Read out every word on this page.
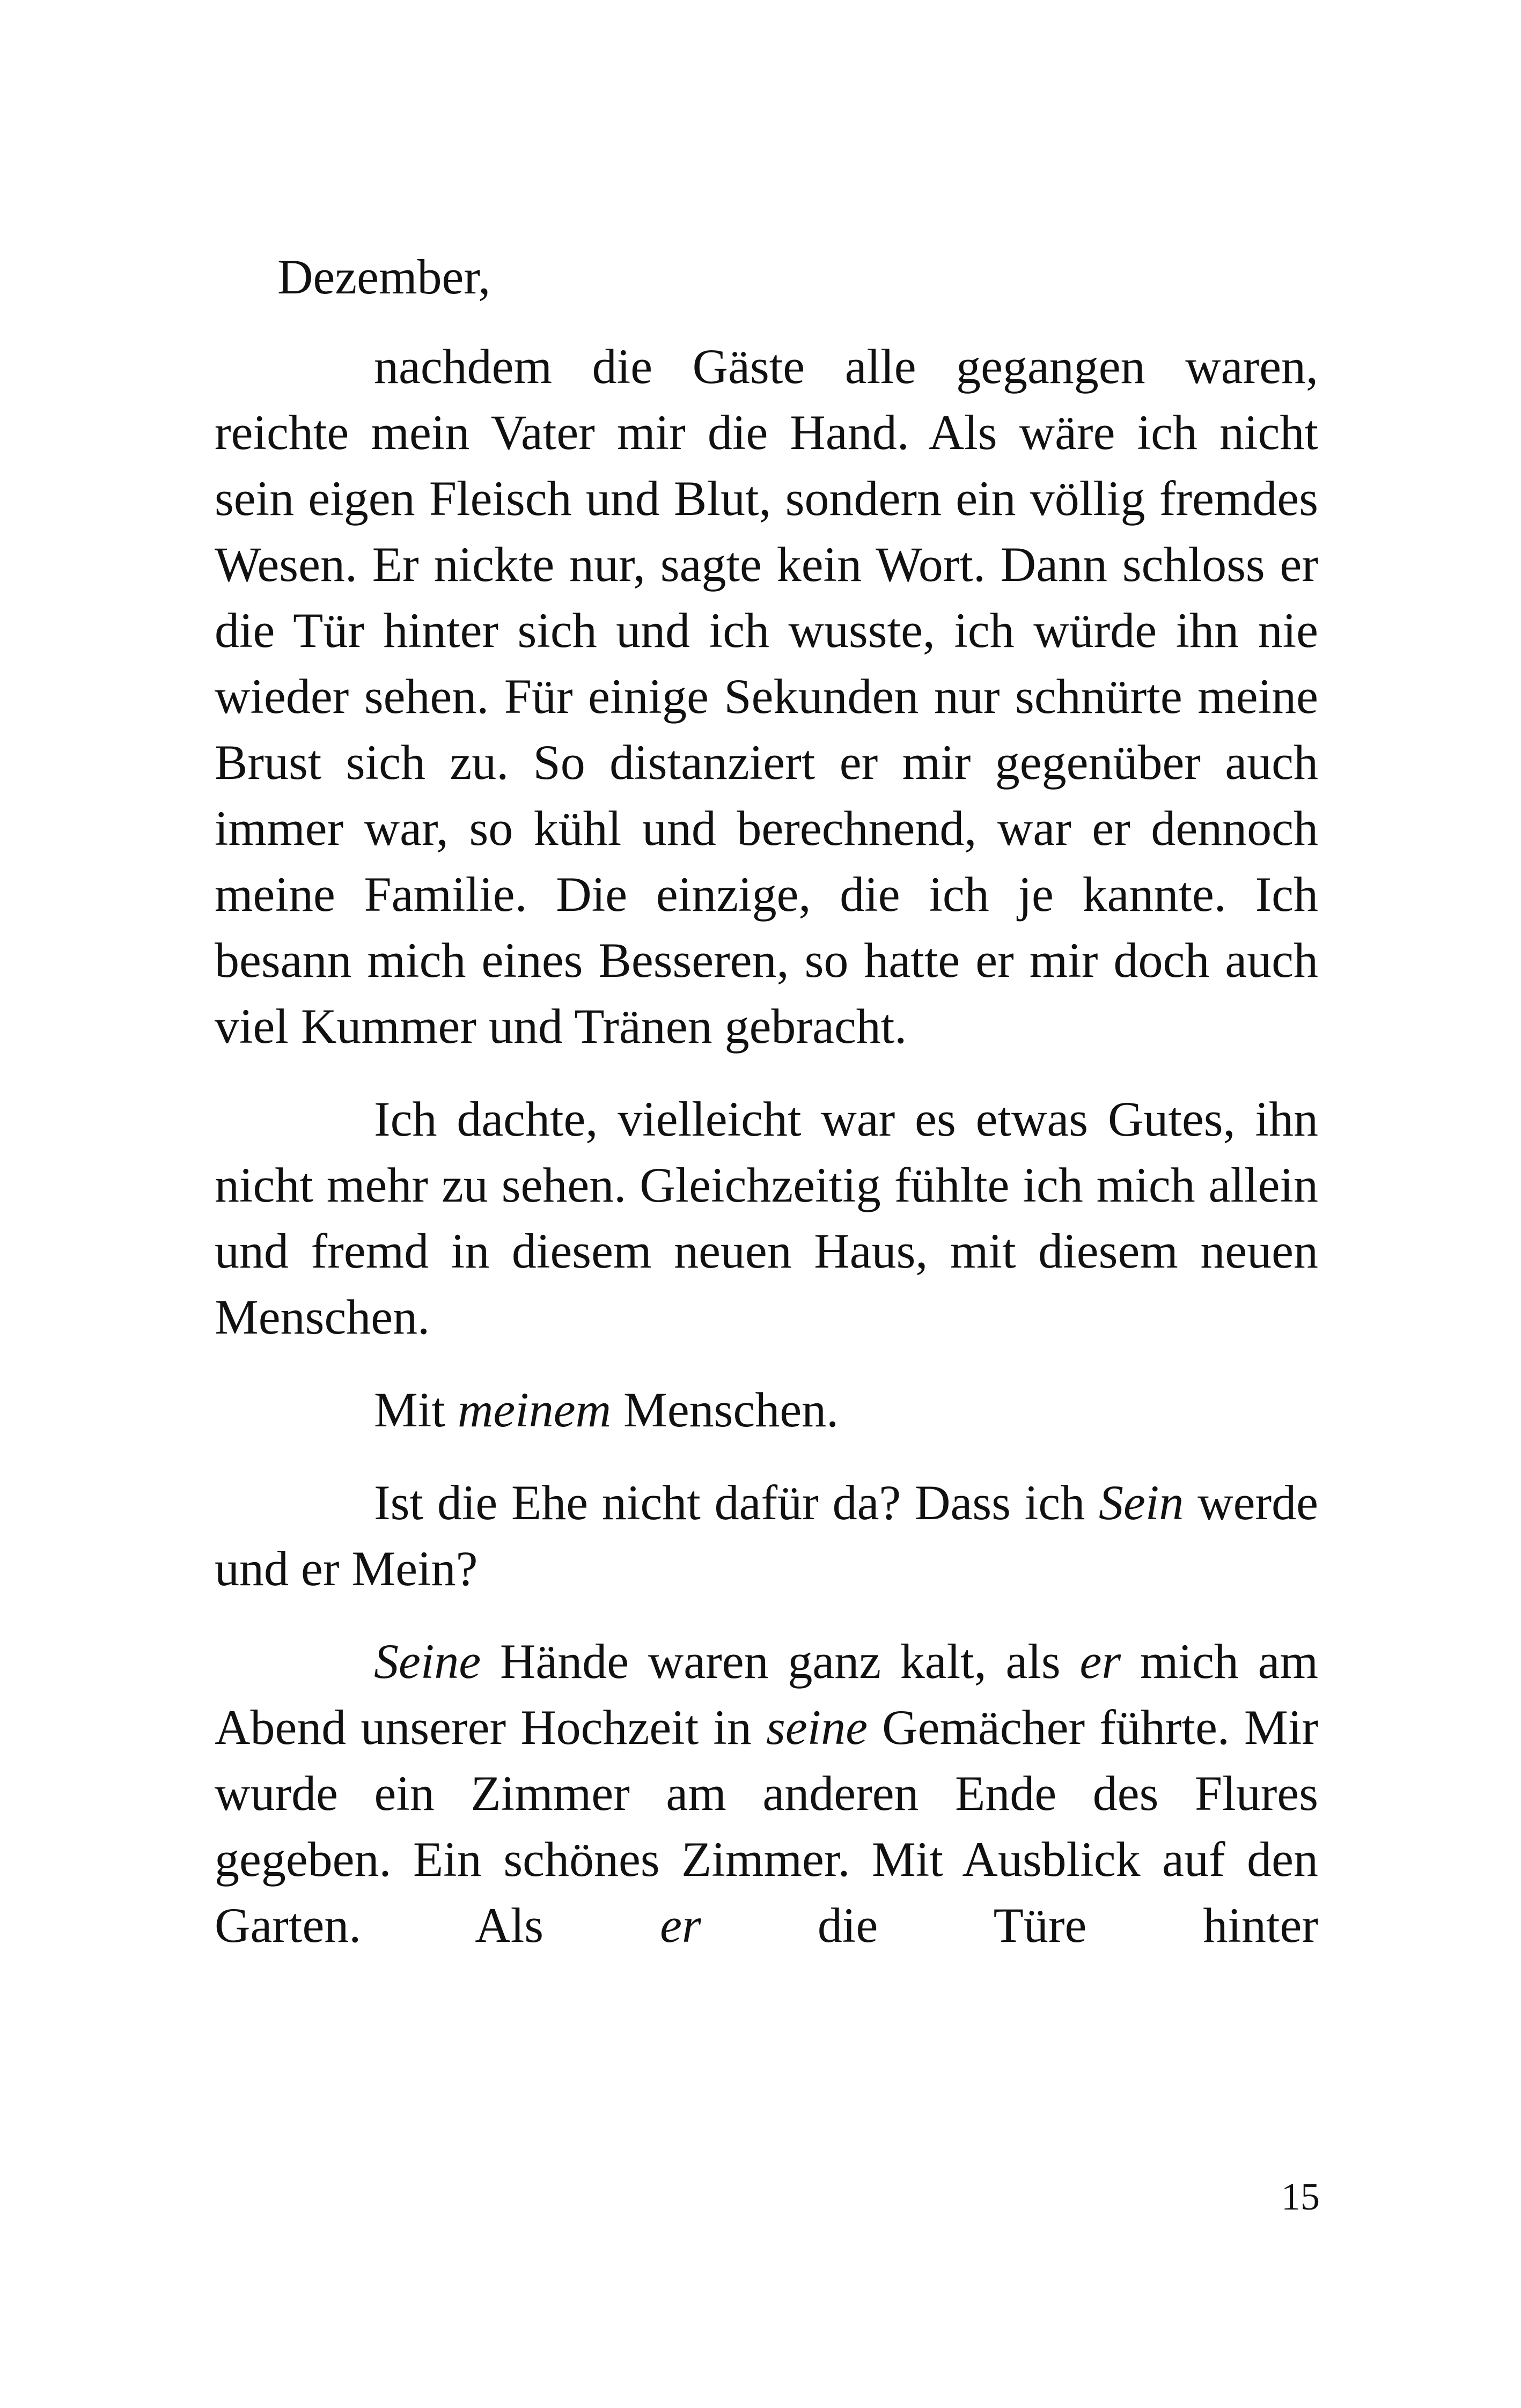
Dezember,

nachdem die Gäste alle gegangen waren, reichte mein Vater mir die Hand. Als wäre ich nicht sein eigen Fleisch und Blut, sondern ein völlig fremdes Wesen. Er nickte nur, sagte kein Wort. Dann schloss er die Tür hinter sich und ich wusste, ich würde ihn nie wieder sehen. Für einige Sekunden nur schnürte meine Brust sich zu. So distanziert er mir gegenüber auch immer war, so kühl und berechnend, war er dennoch meine Familie. Die einzige, die ich je kannte. Ich besann mich eines Besseren, so hatte er mir doch auch viel Kummer und Tränen gebracht.

Ich dachte, vielleicht war es etwas Gutes, ihn nicht mehr zu sehen. Gleichzeitig fühlte ich mich allein und fremd in diesem neuen Haus, mit diesem neuen Menschen.

Mit meinem Menschen.

Ist die Ehe nicht dafür da? Dass ich Sein werde und er Mein?

Seine Hände waren ganz kalt, als er mich am Abend unserer Hochzeit in seine Gemächer führte. Mir wurde ein Zimmer am anderen Ende des Flures gegeben. Ein schönes Zimmer. Mit Ausblick auf den Garten. Als er die Türe hinter

15
